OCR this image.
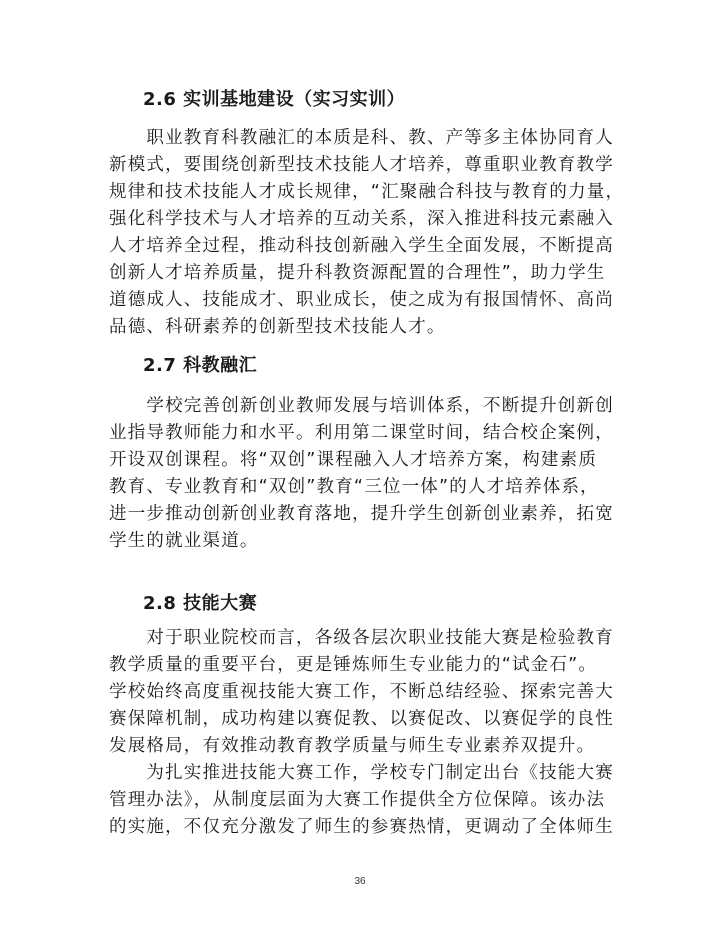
2.6 实训基地建设（实习实训）
　　职业教育科教融汇的本质是科、教、产等多主体协同育人
新模式，要围绕创新型技术技能人才培养，尊重职业教育教学
规律和技术技能人才成长规律，“汇聚融合科技与教育的力量，
强化科学技术与人才培养的互动关系，深入推进科技元素融入
人才培养全过程，推动科技创新融入学生全面发展，不断提高
创新人才培养质量，提升科教资源配置的合理性”，助力学生
道德成人、技能成才、职业成长，使之成为有报国情怀、高尚
品德、科研素养的创新型技术技能人才。
2.7 科教融汇
　　学校完善创新创业教师发展与培训体系，不断提升创新创
业指导教师能力和水平。利用第二课堂时间，结合校企案例，
开设双创课程。将“双创”课程融入人才培养方案，构建素质
教育、专业教育和“双创”教育“三位一体”的人才培养体系，
进一步推动创新创业教育落地，提升学生创新创业素养，拓宽
学生的就业渠道。
2.8 技能大赛
　　对于职业院校而言，各级各层次职业技能大赛是检验教育
教学质量的重要平台，更是锤炼师生专业能力的“试金石”。
学校始终高度重视技能大赛工作，不断总结经验、探索完善大
赛保障机制，成功构建以赛促教、以赛促改、以赛促学的良性
发展格局，有效推动教育教学质量与师生专业素养双提升。
　　为扎实推进技能大赛工作，学校专门制定出台《技能大赛
管理办法》，从制度层面为大赛工作提供全方位保障。该办法
的实施，不仅充分激发了师生的参赛热情，更调动了全体师生
36
